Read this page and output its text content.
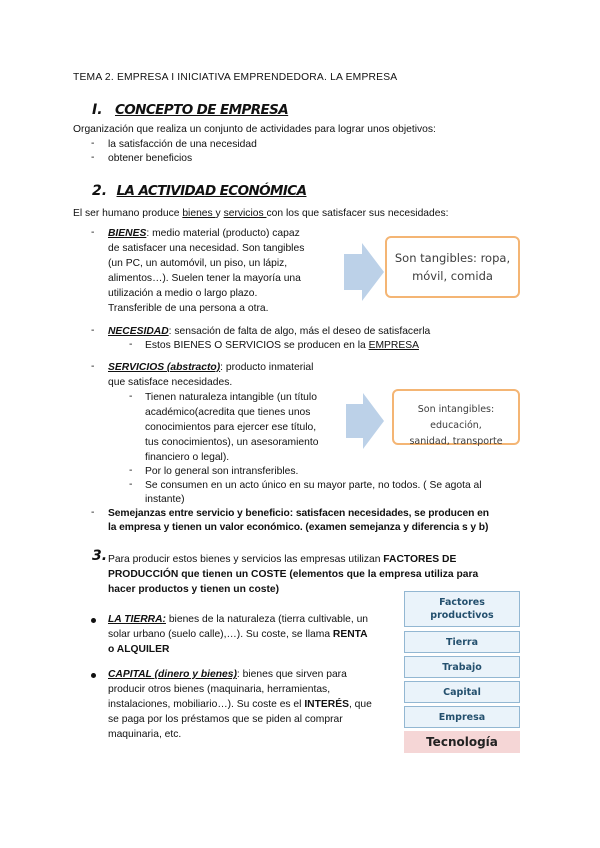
TEMA 2. EMPRESA I INICIATIVA EMPRENDEDORA. LA EMPRESA
I. CONCEPTO DE EMPRESA
Organización que realiza un conjunto de actividades para lograr unos objetivos:
- la satisfacción de una necesidad
- obtener beneficios
2. LA ACTIVIDAD ECONÓMICA
El ser humano produce bienes y servicios con los que satisfacer sus necesidades:
- BIENES: medio material (producto) capaz
de satisfacer una necesidad. Son tangibles
(un PC, un automóvil, un piso, un lápiz,
alimentos…). Suelen tener la mayoría una
utilización a medio o largo plazo.
Transferible de una persona a otra.
Son tangibles: ropa,
móvil, comida
- NECESIDAD: sensación de falta de algo, más el deseo de satisfacerla
- Estos BIENES O SERVICIOS se producen en la EMPRESA
- SERVICIOS (abstracto): producto inmaterial
que satisface necesidades.
- Tienen naturaleza intangible (un título
académico(acredita que tienes unos
conocimientos para ejercer ese título,
tus conocimientos), un asesoramiento
financiero o legal).
- Por lo general son intransferibles.
- Se consumen en un acto único en su mayor parte, no todos. ( Se agota al
instante)
Son intangibles: educación,
sanidad, transporte
- Semejanzas entre servicio y beneficio: satisfacen necesidades, se producen en
la empresa y tienen un valor económico. (examen semejanza y diferencia s y b)
3. Para producir estos bienes y servicios las empresas utilizan FACTORES DE
PRODUCCIÓN que tienen un COSTE (elementos que la empresa utiliza para
hacer productos y tienen un coste)
LA TIERRA: bienes de la naturaleza (tierra cultivable, un
solar urbano (suelo calle),…). Su coste, se llama RENTA
o ALQUILER
CAPITAL (dinero y bienes): bienes que sirven para
producir otros bienes (maquinaria, herramientas,
instalaciones, mobiliario…). Su coste es el INTERÉS, que
se paga por los préstamos que se piden al comprar
maquinaria, etc.
Factores
productivos
Tierra
Trabajo
Capital
Empresa
Tecnología
